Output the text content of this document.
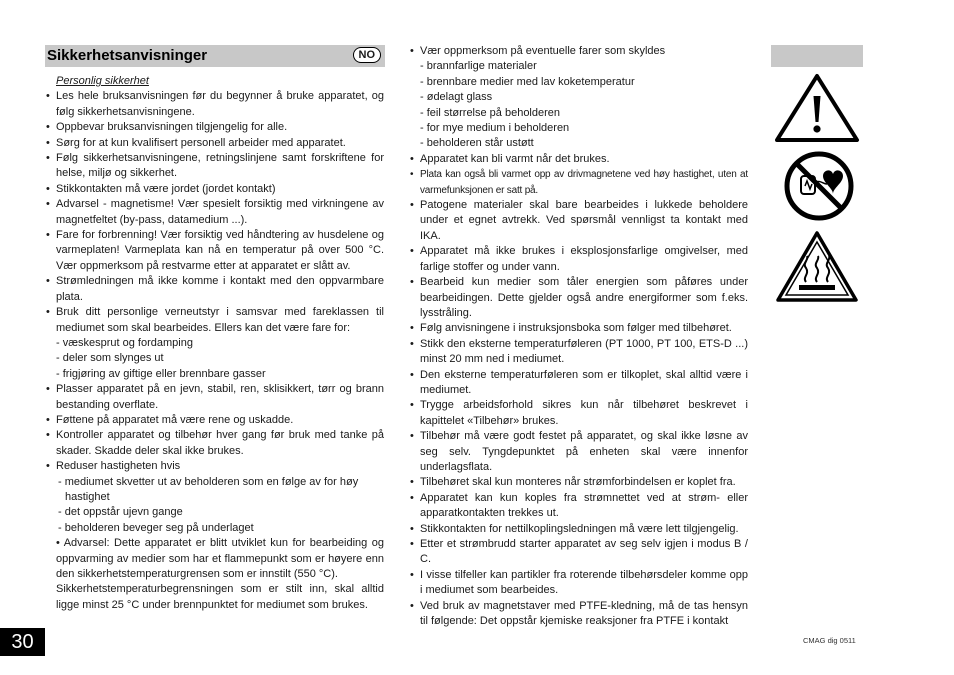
Sikkerhetsanvisninger	NO
Personlig sikkerhet
• Les hele bruksanvisningen før du begynner å bruke apparatet, og følg sikkerhetsanvisningene.
• Oppbevar bruksanvisningen tilgjengelig for alle.
• Sørg for at kun kvalifisert personell arbeider med apparatet.
• Følg sikkerhetsanvisningene, retningslinjene samt forskriftene for helse, miljø og sikkerhet.
• Stikkontakten må være jordet (jordet kontakt)
• Advarsel - magnetisme! Vær spesielt forsiktig med virkningene av magnetfeltet (by-pass, datamedium ...).
• Fare for forbrenning! Vær forsiktig ved håndtering av husdelene og varmeplaten! Varmeplata kan nå en temperatur på over 500 °C. Vær oppmerksom på restvarme etter at apparatet er slått av.
• Strømledningen må ikke komme i kontakt med den oppvarmbare plata.
• Bruk ditt personlige verneutstyr i samsvar med fareklassen til mediumet som skal bearbeides. Ellers kan det være fare for:
- væskesprut og fordamping
- deler som slynges ut
- frigjøring av giftige eller brennbare gasser
• Plasser apparatet på en jevn, stabil, ren, sklisikkert, tørr og brann bestanding overflate.
• Føttene på apparatet må være rene og uskadde.
• Kontroller apparatet og tilbehør hver gang før bruk med tanke på skader. Skadde deler skal ikke brukes.
• Reduser hastigheten hvis
- mediumet skvetter ut av beholderen som en følge av for høy
hastighet
- det oppstår ujevn gange
- beholderen beveger seg på underlaget
• Advarsel: Dette apparatet er blitt utviklet kun for bearbeiding og oppvarming av medier som har et flammepunkt som er høyere enn den sikkerhetstemperaturgrensen som er innstilt (550 °C).
Sikkerhetstemperaturbegrensningen som er stilt inn, skal alltid ligge minst 25 °C under brennpunktet for mediumet som brukes.
• Vær oppmerksom på eventuelle farer som skyldes
- brannfarlige materialer
- brennbare medier med lav koketemperatur
- ødelagt glass
- feil størrelse på beholderen
- for mye medium i beholderen
- beholderen står ustøtt
• Apparatet kan bli varmt når det brukes.
• Plata kan også bli varmet opp av drivmagnetene ved høy hastighet, uten at varmefunksjonen er satt på.
• Patogene materialer skal bare bearbeides i lukkede beholdere under et egnet avtrekk. Ved spørsmål vennligst ta kontakt med IKA.
• Apparatet må ikke brukes i eksplosjonsfarlige omgivelser, med farlige stoffer og under vann.
• Bearbeid kun medier som tåler energien som påføres under bearbeidingen. Dette gjelder også andre energiformer som f.eks. lysstråling.
• Følg anvisningene i instruksjonsboka som følger med tilbehøret.
• Stikk den eksterne temperaturføleren (PT 1000, PT 100, ETS-D ...) minst 20 mm ned i mediumet.
• Den eksterne temperaturføleren som er tilkoplet, skal alltid være i mediumet.
• Trygge arbeidsforhold sikres kun når tilbehøret beskrevet i kapittelet «Tilbehør» brukes.
• Tilbehør må være godt festet på apparatet, og skal ikke løsne av seg selv. Tyngdepunktet på enheten skal være innenfor underlagsflata.
• Tilbehøret skal kun monteres når strømforbindelsen er koplet fra.
• Apparatet kan kun koples fra strømnettet ved at strøm- eller apparatkontakten trekkes ut.
• Stikkontakten for nettilkoplingsledningen må være lett tilgjengelig.
• Etter et strømbrudd starter apparatet av seg selv igjen i modus B / C.
• I visse tilfeller kan partikler fra roterende tilbehørsdeler komme opp i mediumet som bearbeides.
• Ved bruk av magnetstaver med PTFE-kledning, må de tas hensyn til følgende: Det oppstår kjemiske reaksjoner fra PTFE i kontakt
30	CMAG dig 0511
